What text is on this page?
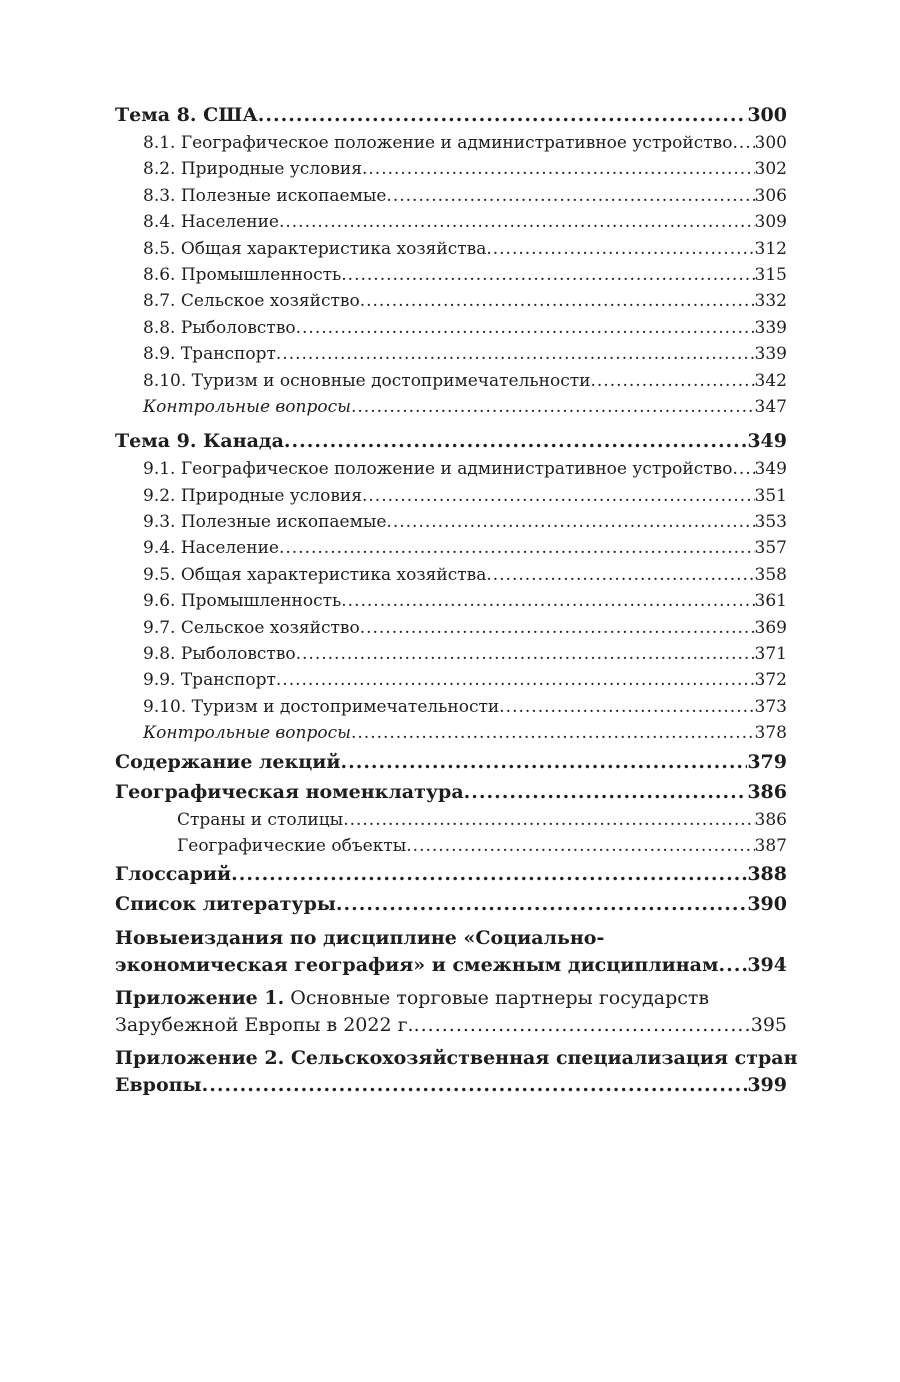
Тема 8. США .....	300
8.1. Географическое положение и административное устройство ..... 300
8.2. Природные условия .....	302
8.3. Полезные ископаемые .....	306
8.4. Население .....	309
8.5. Общая характеристика хозяйства .....	312
8.6. Промышленность .....	315
8.7. Сельское хозяйство .....	332
8.8. Рыболовство .....	339
8.9. Транспорт .....	339
8.10. Туризм и основные достопримечательности .....	342
Контрольные вопросы .....	347
Тема 9. Канада .....	349
9.1. Географическое положение и административное устройство ..... 349
9.2. Природные условия .....	351
9.3. Полезные ископаемые .....	353
9.4. Население .....	357
9.5. Общая характеристика хозяйства .....	358
9.6. Промышленность .....	361
9.7. Сельское хозяйство .....	369
9.8. Рыболовство .....	371
9.9. Транспорт .....	372
9.10. Туризм и достопримечательности .....	373
Контрольные вопросы .....	378
Содержание лекций .....	379
Географическая номенклатура .....	386
Страны и столицы .....	386
Географические объекты .....	387
Глоссарий .....	388
Список литературы .....	390
Новыеиздания по дисциплине «Социально-
экономическая география» и смежным дисциплинам ..... 394
Приложение 1. Основные торговые партнеры государств
Зарубежной Европы в 2022 г. .....	395
Приложение 2. Сельскохозяйственная специализация стран
Европы .....	399
